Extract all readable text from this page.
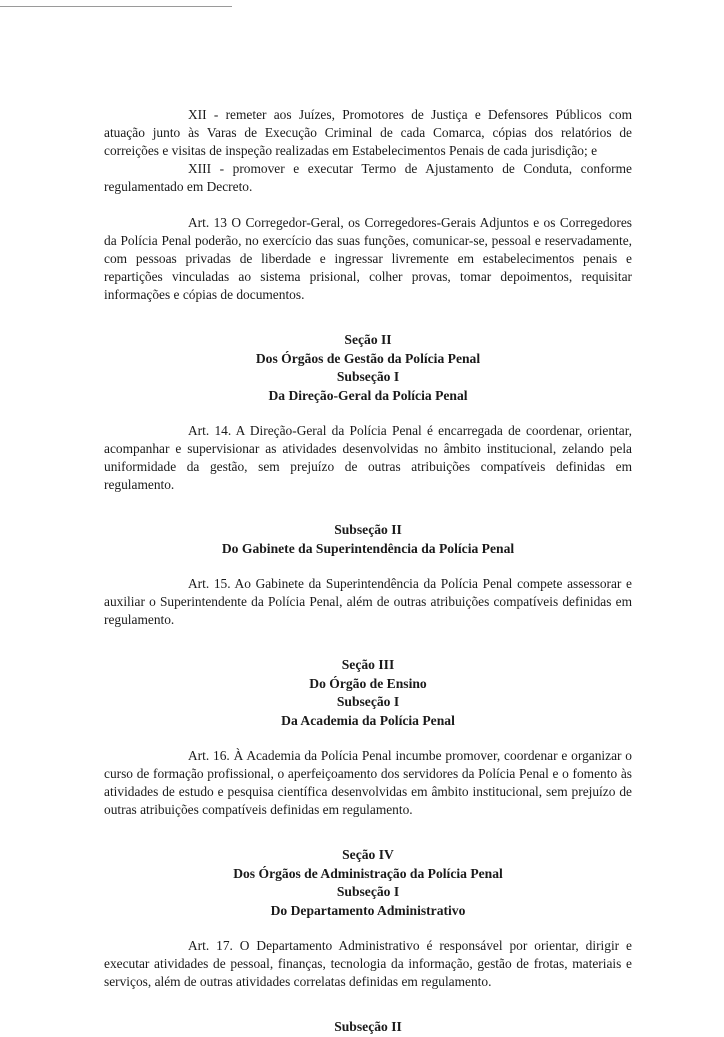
XII - remeter aos Juízes, Promotores de Justiça e Defensores Públicos com atuação junto às Varas de Execução Criminal de cada Comarca, cópias dos relatórios de correições e visitas de inspeção realizadas em Estabelecimentos Penais de cada jurisdição; e

XIII - promover e executar Termo de Ajustamento de Conduta, conforme regulamentado em Decreto.

Art. 13 O Corregedor-Geral, os Corregedores-Gerais Adjuntos e os Corregedores da Polícia Penal poderão, no exercício das suas funções, comunicar-se, pessoal e reservadamente, com pessoas privadas de liberdade e ingressar livremente em estabelecimentos penais e repartições vinculadas ao sistema prisional, colher provas, tomar depoimentos, requisitar informações e cópias de documentos.

Seção II
Dos Órgãos de Gestão da Polícia Penal
Subseção I
Da Direção-Geral da Polícia Penal

Art. 14. A Direção-Geral da Polícia Penal é encarregada de coordenar, orientar, acompanhar e supervisionar as atividades desenvolvidas no âmbito institucional, zelando pela uniformidade da gestão, sem prejuízo de outras atribuições compatíveis definidas em regulamento.

Subseção II
Do Gabinete da Superintendência da Polícia Penal

Art. 15. Ao Gabinete da Superintendência da Polícia Penal compete assessorar e auxiliar o Superintendente da Polícia Penal, além de outras atribuições compatíveis definidas em regulamento.

Seção III
Do Órgão de Ensino
Subseção I
Da Academia da Polícia Penal

Art. 16. À Academia da Polícia Penal incumbe promover, coordenar e organizar o curso de formação profissional, o aperfeiçoamento dos servidores da Polícia Penal e o fomento às atividades de estudo e pesquisa científica desenvolvidas em âmbito institucional, sem prejuízo de outras atribuições compatíveis definidas em regulamento.

Seção IV
Dos Órgãos de Administração da Polícia Penal
Subseção I
Do Departamento Administrativo

Art. 17. O Departamento Administrativo é responsável por orientar, dirigir e executar atividades de pessoal, finanças, tecnologia da informação, gestão de frotas, materiais e serviços, além de outras atividades correlatas definidas em regulamento.

Subseção II
